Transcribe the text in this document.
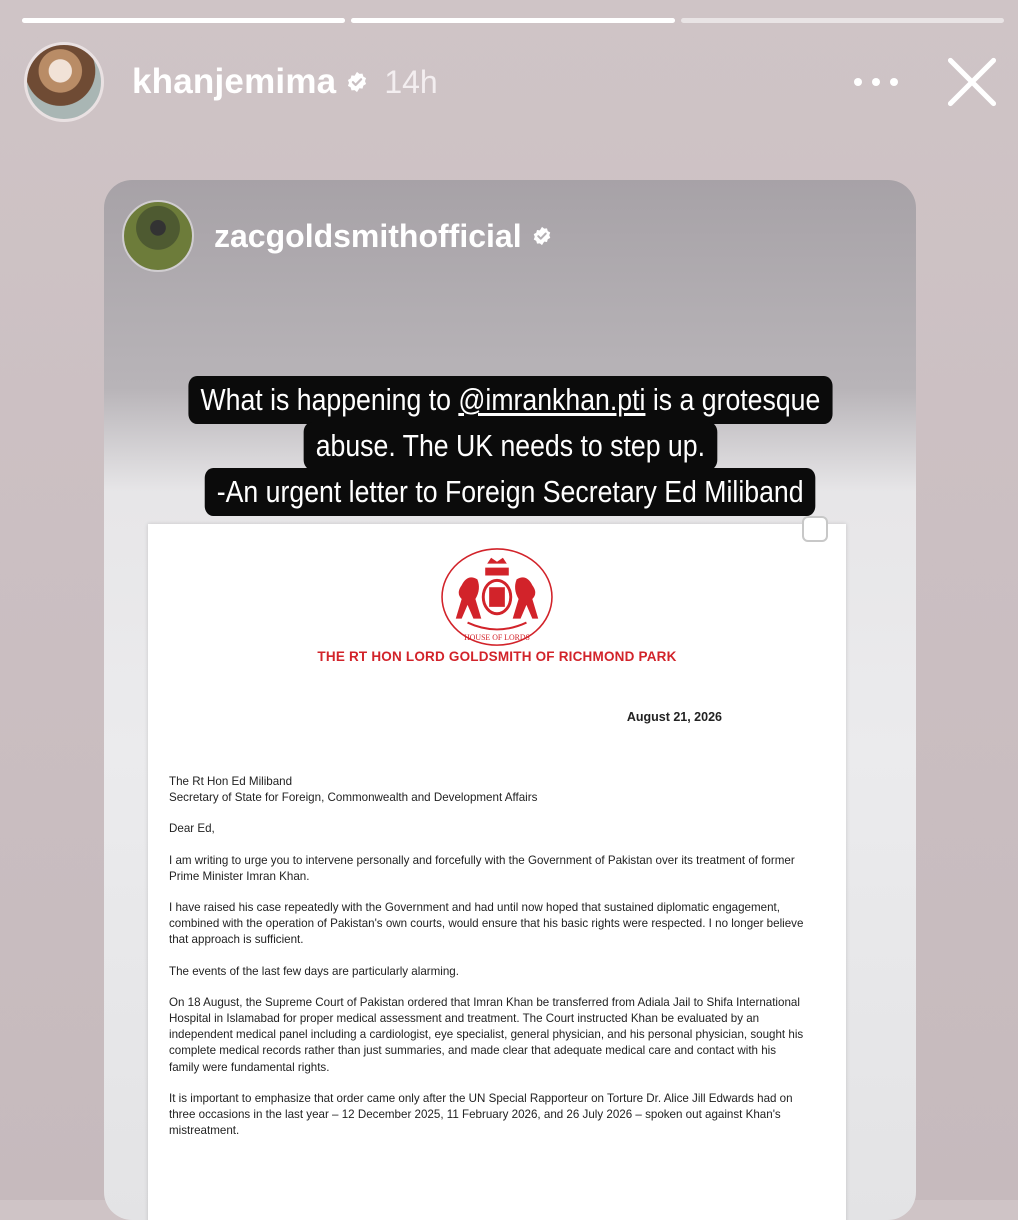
khanjemima 14h
zacgoldsmithofficial
HOUSE OF LORDS
THE RT HON LORD GOLDSMITH OF RICHMOND PARK
August 21, 2026

The Rt Hon Ed Miliband

Secretary of State for Foreign, Commonwealth and Development Affairs

Dear Ed,

I am writing to urge you to intervene personally and forcefully with the Government of Pakistan over its treatment of former Prime Minister Imran Khan.

I have raised his case repeatedly with the Government and had until now hoped that sustained diplomatic engagement, combined with the operation of Pakistan's own courts, would ensure that his basic rights were respected. I no longer believe that approach is sufficient.

The events of the last few days are particularly alarming.

On 18 August, the Supreme Court of Pakistan ordered that Imran Khan be transferred from Adiala Jail to Shifa International Hospital in Islamabad for proper medical assessment and treatment. The Court instructed Khan be evaluated by an independent medical panel including a cardiologist, eye specialist, general physician, and his personal physician, sought his complete medical records rather than just summaries, and made clear that adequate medical care and contact with his family were fundamental rights.

It is important to emphasize that order came only after the UN Special Rapporteur on Torture Dr. Alice Jill Edwards had on three occasions in the last year – 12 December 2025, 11 February 2026, and 26 July 2026 – spoken out against Khan's mistreatment.

What is happening to @imrankhan.pti is a grotesque
abuse. The UK needs to step up.
-An urgent letter to Foreign Secretary Ed Miliband
